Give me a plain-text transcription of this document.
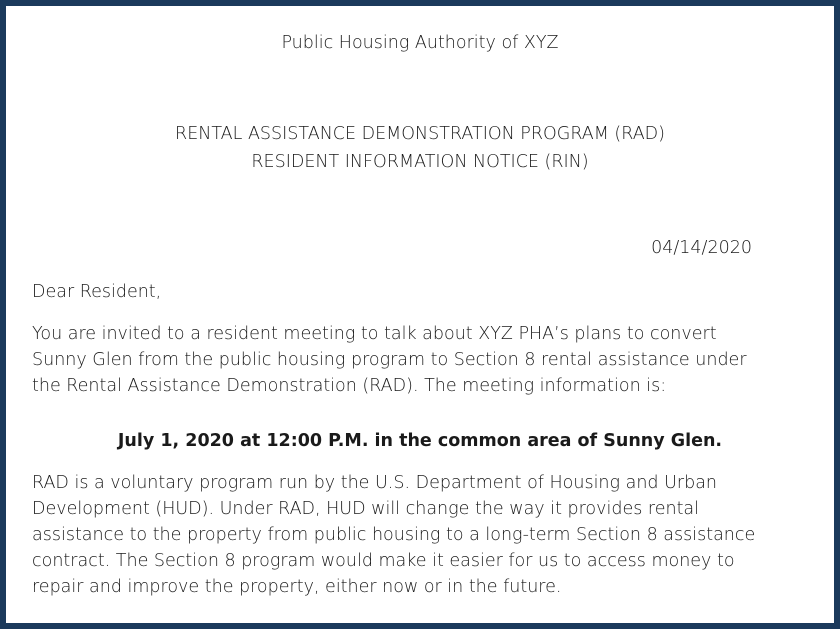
Public Housing Authority of XYZ
RENTAL ASSISTANCE DEMONSTRATION PROGRAM (RAD)
RESIDENT INFORMATION NOTICE (RIN)
04/14/2020
Dear Resident,
You are invited to a resident meeting to talk about XYZ PHA’s plans to convert
Sunny Glen from the public housing program to Section 8 rental assistance under
the Rental Assistance Demonstration (RAD). The meeting information is:
July 1, 2020 at 12:00 P.M. in the common area of Sunny Glen.
RAD is a voluntary program run by the U.S. Department of Housing and Urban
Development (HUD). Under RAD, HUD will change the way it provides rental
assistance to the property from public housing to a long-term Section 8 assistance
contract. The Section 8 program would make it easier for us to access money to
repair and improve the property, either now or in the future.
